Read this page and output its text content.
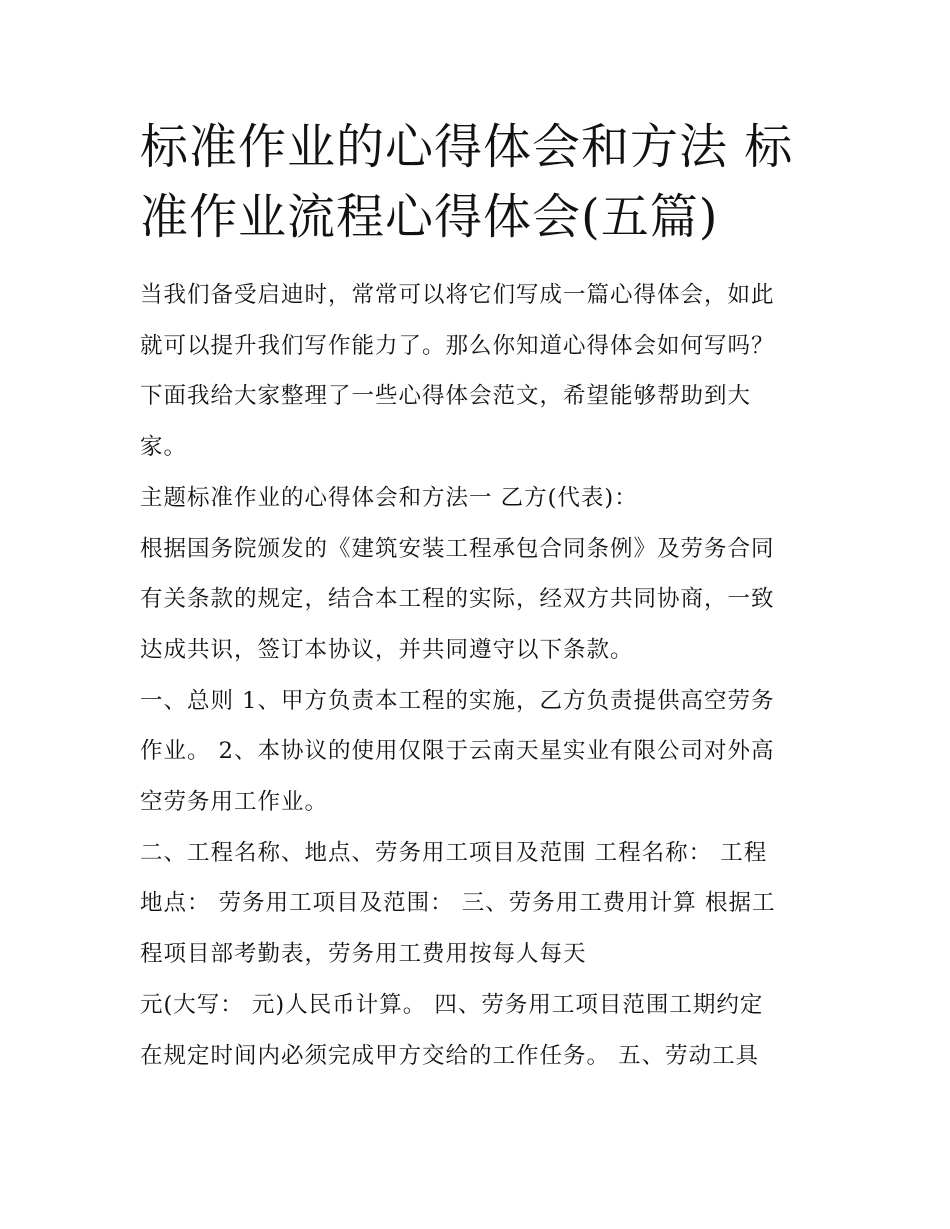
标准作业的心得体会和方法 标
准作业流程心得体会(五篇)
当我们备受启迪时，常常可以将它们写成一篇心得体会，如此
就可以提升我们写作能力了。那么你知道心得体会如何写吗？
下面我给大家整理了一些心得体会范文，希望能够帮助到大
家。
主题标准作业的心得体会和方法一 乙方(代表)：
根据国务院颁发的《建筑安装工程承包合同条例》及劳务合同
有关条款的规定，结合本工程的实际，经双方共同协商，一致
达成共识，签订本协议，并共同遵守以下条款。
一、总则 1、甲方负责本工程的实施，乙方负责提供高空劳务
作业。 2、本协议的使用仅限于云南天星实业有限公司对外高
空劳务用工作业。
二、工程名称、地点、劳务用工项目及范围 工程名称： 工程
地点： 劳务用工项目及范围： 三、劳务用工费用计算 根据工
程项目部考勤表，劳务用工费用按每人每天
元(大写： 元)人民币计算。 四、劳务用工项目范围工期约定
在规定时间内必须完成甲方交给的工作任务。 五、劳动工具
